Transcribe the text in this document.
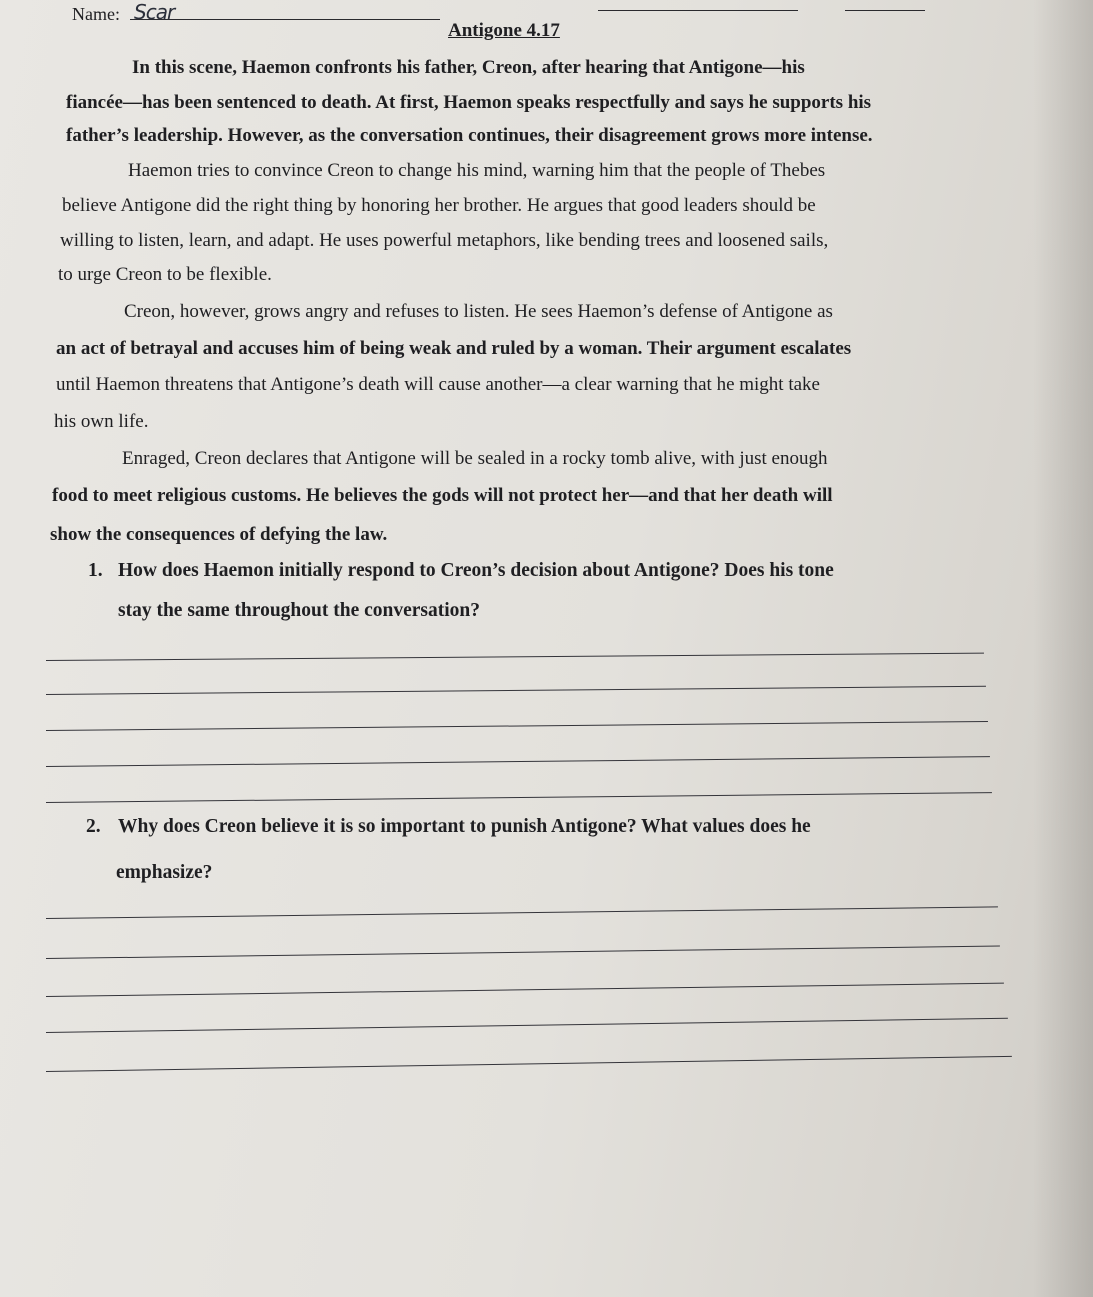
Name: Scar
Antigone 4.17
In this scene, Haemon confronts his father, Creon, after hearing that Antigone—his
fiancée—has been sentenced to death. At first, Haemon speaks respectfully and says he supports his
father’s leadership. However, as the conversation continues, their disagreement grows more intense.
Haemon tries to convince Creon to change his mind, warning him that the people of Thebes
believe Antigone did the right thing by honoring her brother. He argues that good leaders should be
willing to listen, learn, and adapt. He uses powerful metaphors, like bending trees and loosened sails,
to urge Creon to be flexible.
Creon, however, grows angry and refuses to listen. He sees Haemon’s defense of Antigone as
an act of betrayal and accuses him of being weak and ruled by a woman. Their argument escalates
until Haemon threatens that Antigone’s death will cause another—a clear warning that he might take
his own life.
Enraged, Creon declares that Antigone will be sealed in a rocky tomb alive, with just enough
food to meet religious customs. He believes the gods will not protect her—and that her death will
show the consequences of defying the law.
1. How does Haemon initially respond to Creon’s decision about Antigone? Does his tone
stay the same throughout the conversation?
2. Why does Creon believe it is so important to punish Antigone? What values does he
emphasize?
